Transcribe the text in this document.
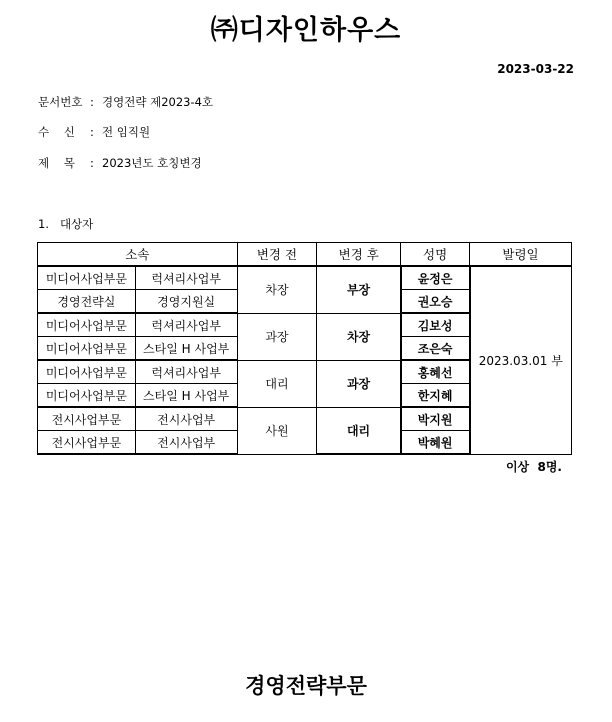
㈜디자인하우스
2023-03-22
문서번호 : 경영전략 제2023-4호
수    신 : 전 임직원
제    목 : 2023년도 호칭변경
1.   대상자
소속		변경 전	변경 후	성명	발령일
미디어사업부문	럭셔리사업부	차장	부장	윤정은	2023.03.01 부
경영전략실	경영지원실			권오승	
미디어사업부문	럭셔리사업부	과장	차장	김보성	
미디어사업부문	스타일 H 사업부			조은숙	
미디어사업부문	럭셔리사업부	대리	과장	홍혜선	
미디어사업부문	스타일 H 사업부			한지혜	
전시사업부문	전시사업부	사원	대리	박지원	
전시사업부문	전시사업부			박혜원	
이상  8명.
경영전략부문
